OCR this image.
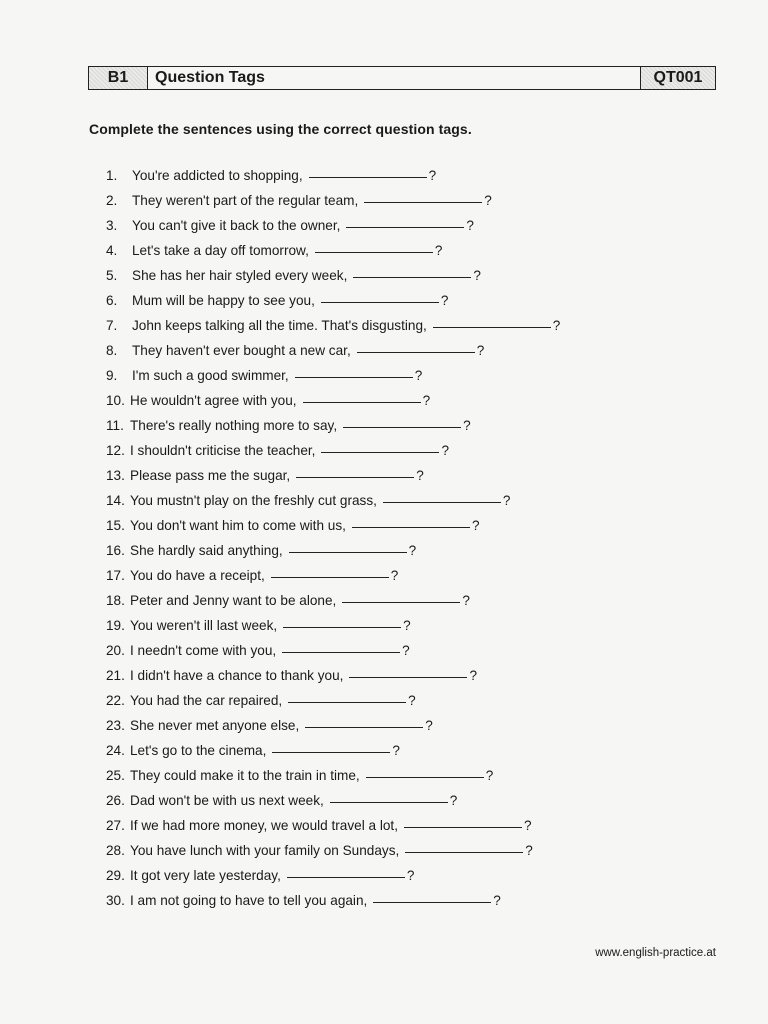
B1	Question Tags	QT001
Complete the sentences using the correct question tags.
1.	You're addicted to shopping,	?
2.	They weren't part of the regular team,	?
3.	You can't give it back to the owner,	?
4.	Let's take a day off tomorrow,	?
5.	She has her hair styled every week,	?
6.	Mum will be happy to see you,	?
7.	John keeps talking all the time. That's disgusting,	?
8.	They haven't ever bought a new car,	?
9.	I'm such a good swimmer,	?
10. He wouldn't agree with you,	?
11. There's really nothing more to say,	?
12. I shouldn't criticise the teacher,	?
13. Please pass me the sugar,	?
14. You mustn't play on the freshly cut grass,	?
15. You don't want him to come with us,	?
16. She hardly said anything,	?
17. You do have a receipt,	?
18. Peter and Jenny want to be alone,	?
19. You weren't ill last week,	?
20. I needn't come with you,	?
21. I didn't have a chance to thank you,	?
22. You had the car repaired,	?
23. She never met anyone else,	?
24. Let's go to the cinema,	?
25. They could make it to the train in time,	?
26. Dad won't be with us next week,	?
27. If we had more money, we would travel a lot,	?
28. You have lunch with your family on Sundays,	?
29. It got very late yesterday,	?
30. I am not going to have to tell you again,	?
www.english-practice.at
